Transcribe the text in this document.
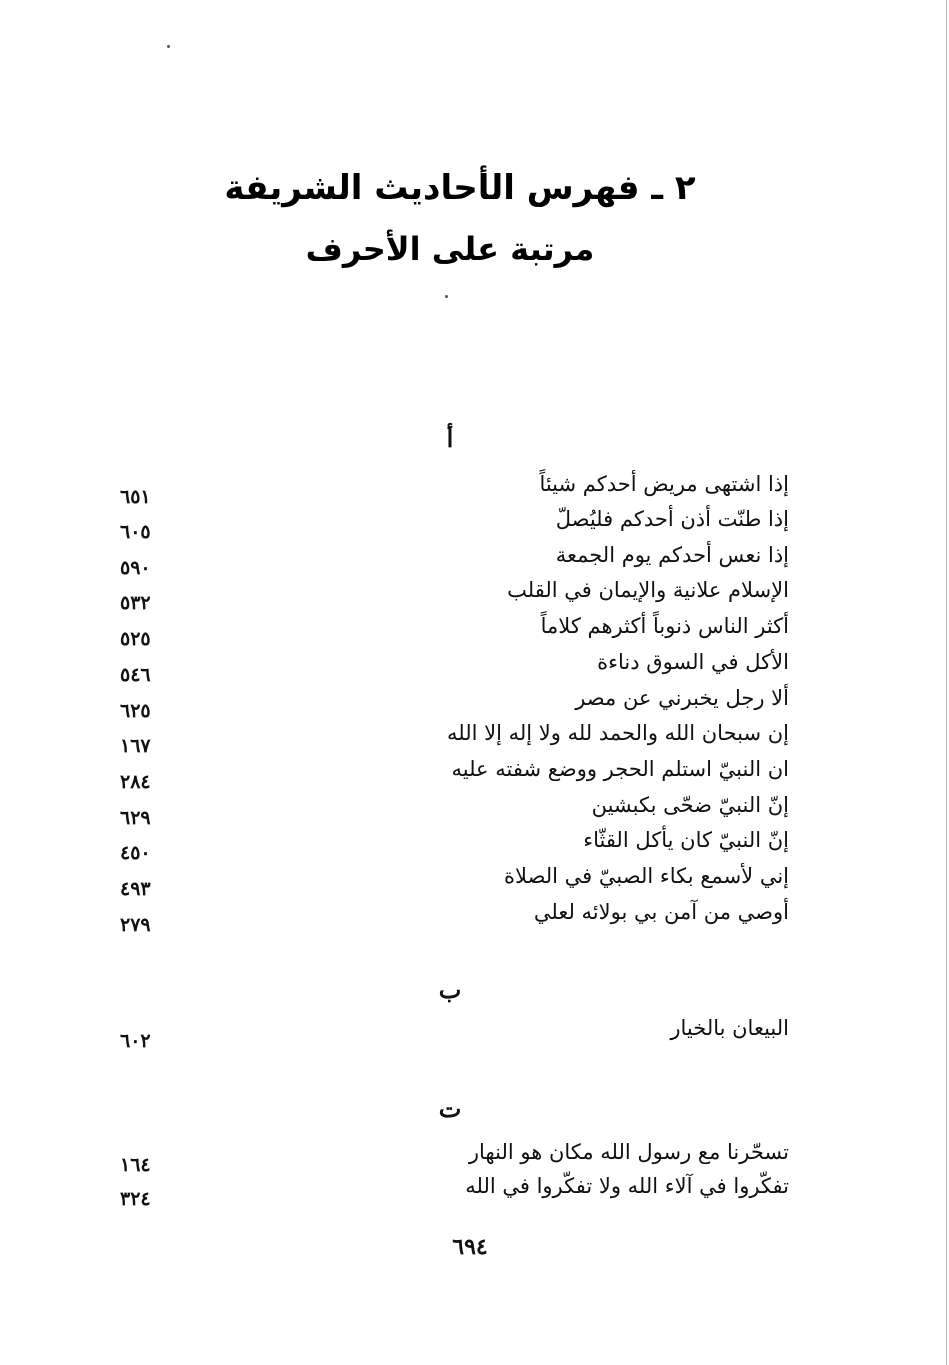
٢ ـ فهرس الأحاديث الشريفة
مرتبة على الأحرف
أ
إذا اشتهى مريض أحدكم شيئاً
٦٥١
إذا طنّت أذن أحدكم فليُصلّ
٦٠٥
إذا نعس أحدكم يوم الجمعة
٥٩٠
الإسلام علانية والإيمان في القلب
٥٣٢
أكثر الناس ذنوباً أكثرهم كلاماً
٥٢٥
الأكل في السوق دناءة
٥٤٦
ألا رجل يخبرني عن مصر
٦٢٥
إن سبحان الله والحمد لله ولا إله إلا الله
١٦٧
ان النبيّ استلم الحجر ووضع شفته عليه
٢٨٤
إنّ النبيّ ضحّى بكبشين
٦٢٩
إنّ النبيّ كان يأكل القثّاء
٤٥٠
إني لأسمع بكاء الصبيّ في الصلاة
٤٩٣
أوصي من آمن بي بولائه لعلي
٢٧٩
ب
البيعان بالخيار
٦٠٢
ت
تسحّرنا مع رسول الله مكان هو النهار
١٦٤
تفكّروا في آلاء الله ولا تفكّروا في الله
٣٢٤
٦٩٤
